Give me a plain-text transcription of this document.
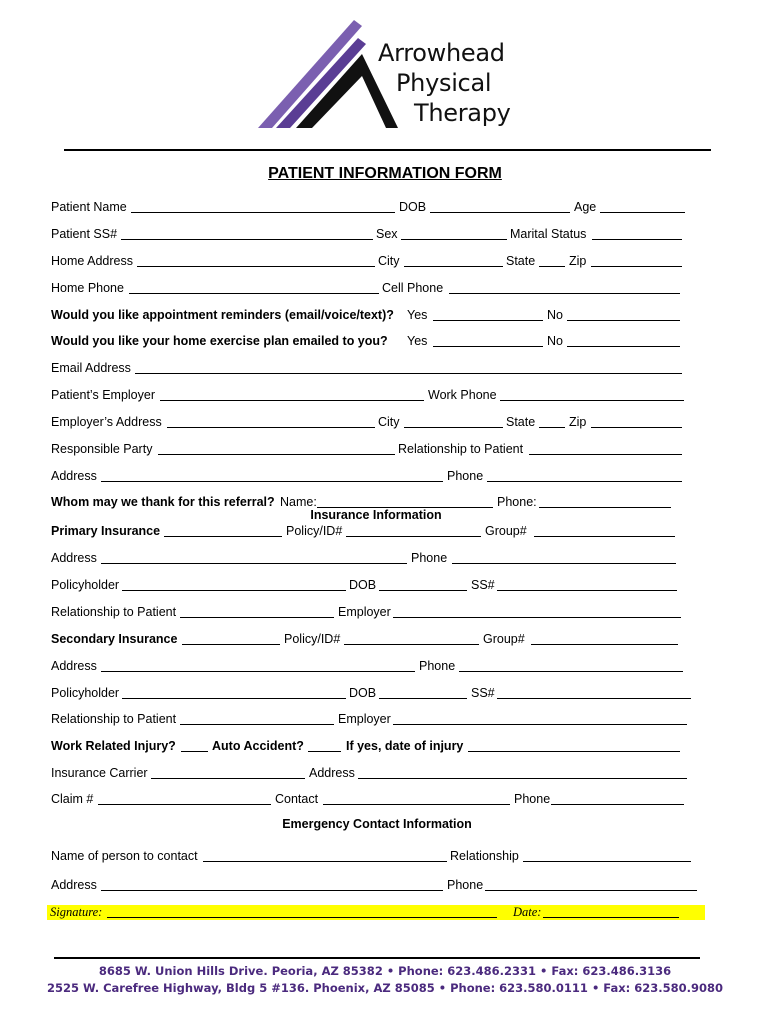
Arrowhead
Physical
Therapy
PATIENT INFORMATION FORM
Patient Name	DOB	Age
Patient SS#	Sex	Marital Status
Home Address	City	State	Zip
Home Phone	Cell Phone
Would you like appointment reminders (email/voice/text)? Yes	No
Would you like your home exercise plan emailed to you? Yes	No
Email Address
Patient’s Employer	Work Phone
Employer’s Address	City	State	Zip
Responsible Party	Relationship to Patient
Address	Phone
Whom may we thank for this referral? Name:	Phone:
Insurance Information
Primary Insurance	Policy/ID#	Group#
Address	Phone
Policyholder	DOB	SS#
Relationship to Patient	Employer
Secondary Insurance	Policy/ID#	Group#
Address	Phone
Policyholder	DOB	SS#
Relationship to Patient	Employer
Work Related Injury?	Auto Accident?	If yes, date of injury
Insurance Carrier	Address
Claim #	Contact	Phone
Emergency Contact Information
Name of person to contact	Relationship
Address	Phone
Signature:	Date:
8685 W. Union Hills Drive. Peoria, AZ 85382 • Phone: 623.486.2331 • Fax: 623.486.3136
2525 W. Carefree Highway, Bldg 5 #136. Phoenix, AZ 85085 • Phone: 623.580.0111 • Fax: 623.580.9080
